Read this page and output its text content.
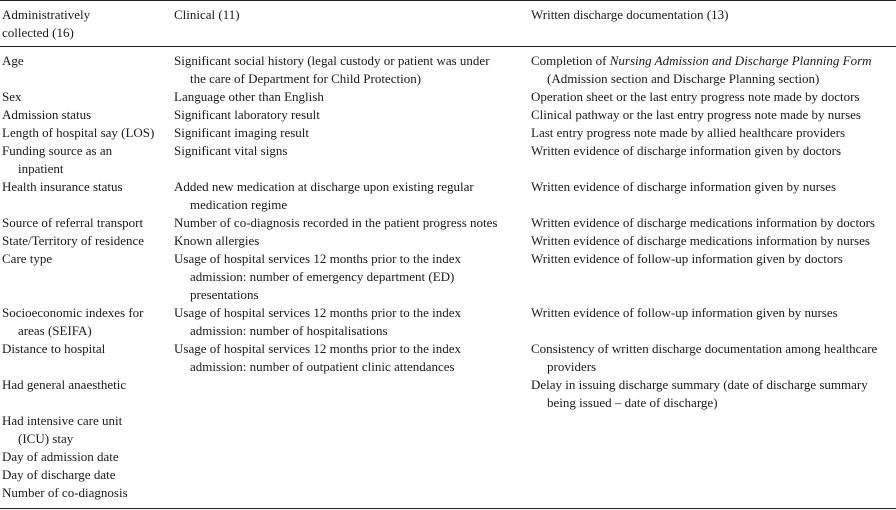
Administratively
collected (16)
Clinical (11)	Written discharge documentation (13)
Age
Sex
Admission status
Length of hospital say (LOS)
Funding source as an
inpatient
Health insurance status
Source of referral transport
State/Territory of residence
Care type
Socioeconomic indexes for
areas (SEIFA)
Distance to hospital
Had general anaesthetic
Had intensive care unit
(ICU) stay
Day of admission date
Day of discharge date
Number of co-diagnosis
Significant social history (legal custody or patient was under
the care of Department for Child Protection)
Language other than English
Significant laboratory result
Significant imaging result
Significant vital signs
Added new medication at discharge upon existing regular
medication regime
Number of co-diagnosis recorded in the patient progress notes
Known allergies
Usage of hospital services 12 months prior to the index
admission: number of emergency department (ED)
presentations
Usage of hospital services 12 months prior to the index
admission: number of hospitalisations
Usage of hospital services 12 months prior to the index
admission: number of outpatient clinic attendances
Completion of Nursing Admission and Discharge Planning Form
(Admission section and Discharge Planning section)
Operation sheet or the last entry progress note made by doctors
Clinical pathway or the last entry progress note made by nurses
Last entry progress note made by allied healthcare providers
Written evidence of discharge information given by doctors
Written evidence of discharge information given by nurses
Written evidence of discharge medications information by doctors
Written evidence of discharge medications information by nurses
Written evidence of follow-up information given by doctors
Written evidence of follow-up information given by nurses
Consistency of written discharge documentation among healthcare
providers
Delay in issuing discharge summary (date of discharge summary
being issued – date of discharge)
